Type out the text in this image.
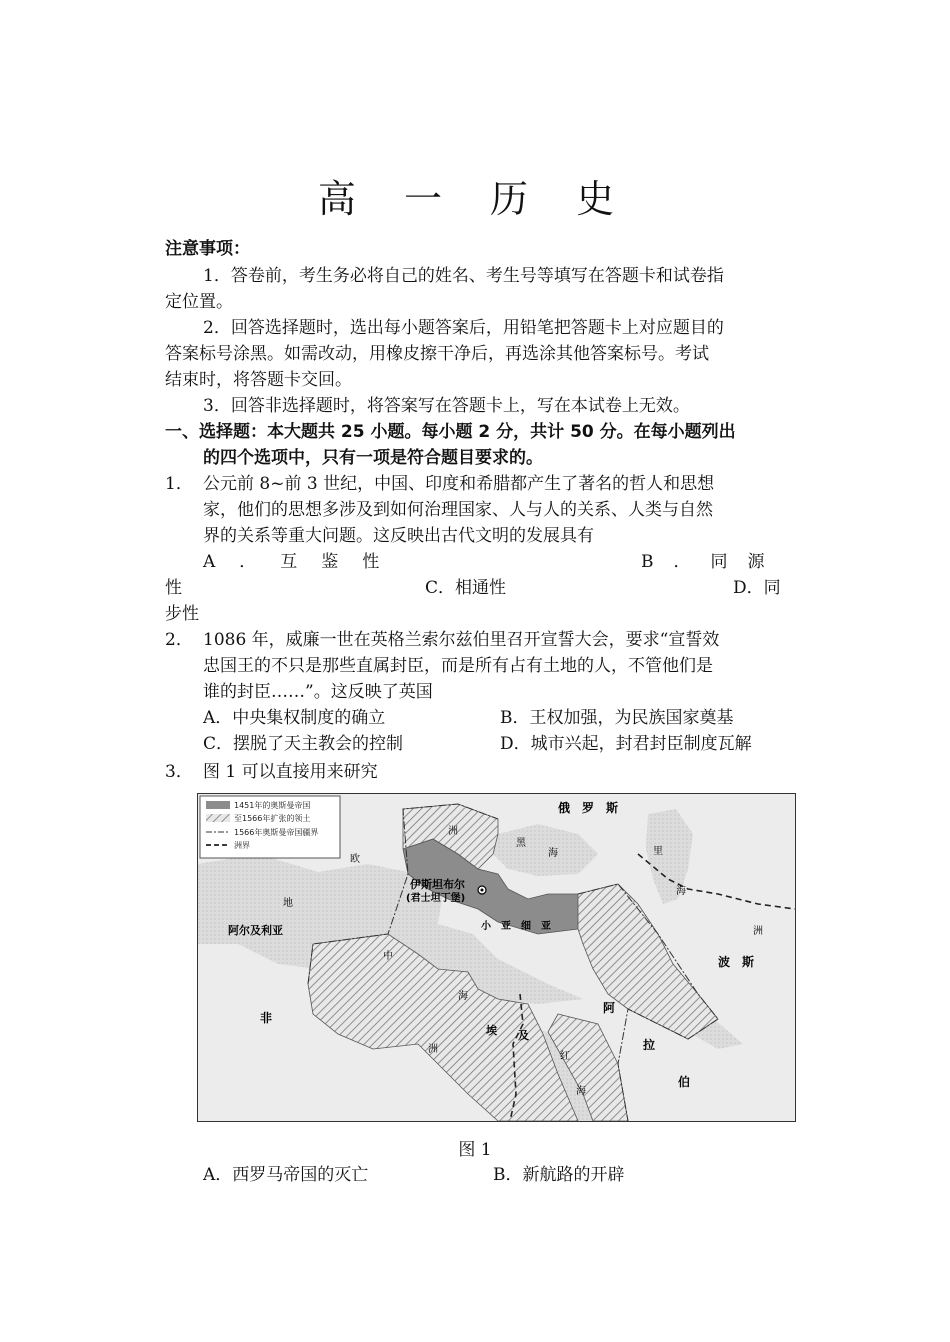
高 一 历 史
注意事项：
1．答卷前，考生务必将自己的姓名、考生号等填写在答题卡和试卷指
定位置。
2．回答选择题时，选出每小题答案后，用铅笔把答题卡上对应题目的
答案标号涂黑。如需改动，用橡皮擦干净后，再选涂其他答案标号。考试
结束时，将答题卡交回。
3．回答非选择题时，将答案写在答题卡上，写在本试卷上无效。
一、选择题：本大题共 25 小题。每小题 2 分，共计 50 分。在每小题列出
的四个选项中，只有一项是符合题目要求的。
1． 公元前 8~前 3 世纪，中国、印度和希腊都产生了著名的哲人和思想
家，他们的思想多涉及到如何治理国家、人与人的关系、人类与自然
界的关系等重大问题。这反映出古代文明的发展具有
A．互鉴性	B．同源
性	C．相通性	D．同
步性
2． 1086 年，威廉一世在英格兰索尔兹伯里召开宣誓大会，要求“宣誓效
忠国王的不只是那些直属封臣，而是所有占有土地的人，不管他们是
谁的封臣……”。这反映了英国
A．中央集权制度的确立	B．王权加强，为民族国家奠基
C．摆脱了天主教会的控制	D．城市兴起，封君封臣制度瓦解
3． 图 1 可以直接用来研究
1451年的奥斯曼帝国
至1566年扩张的领土
1566年奥斯曼帝国疆界
洲界
俄　罗　斯
欧
洲
黑
海	里
海
伊斯坦布尔
(君士坦丁堡)
小　亚　细　亚
阿尔及利亚
地
中
海
非
洲
埃 及
红
海
波　斯
洲
阿
拉
伯
图 1
A．西罗马帝国的灭亡	B．新航路的开辟
